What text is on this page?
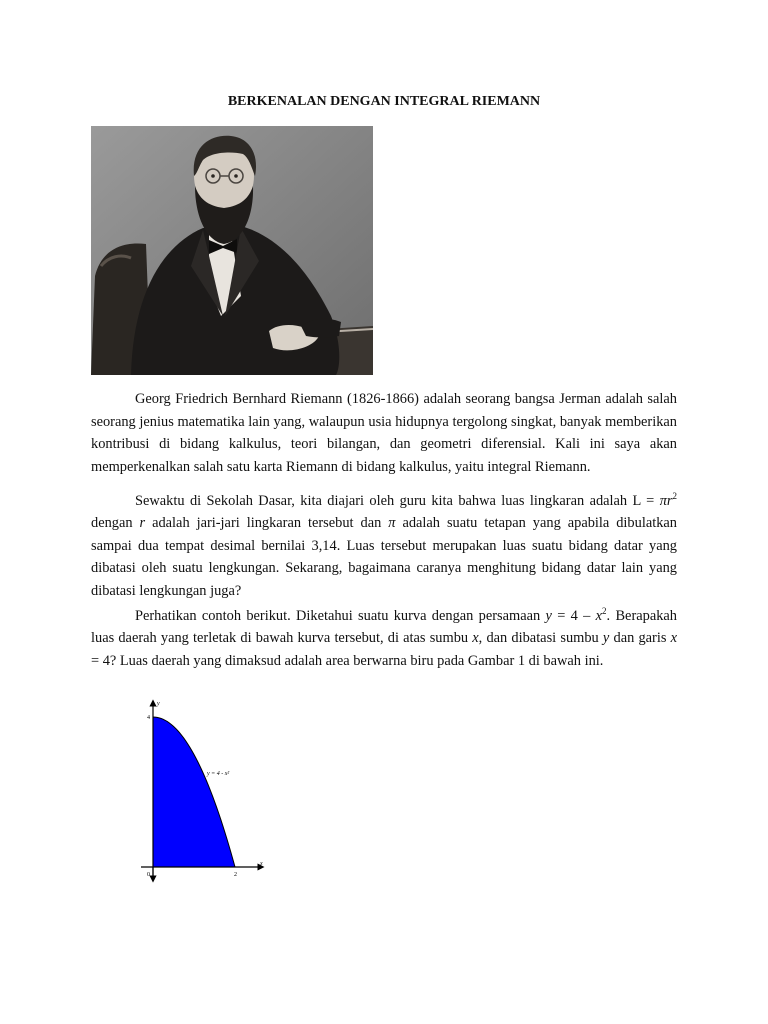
BERKENALAN DENGAN INTEGRAL RIEMANN
Georg Friedrich Bernhard Riemann (1826-1866) adalah seorang bangsa Jerman adalah salah seorang jenius matematika lain yang, walaupun usia hidupnya tergolong singkat, banyak memberikan kontribusi di bidang kalkulus, teori bilangan, dan geometri diferensial. Kali ini saya akan memperkenalkan salah satu karta Riemann di bidang kalkulus, yaitu integral Riemann.
Sewaktu di Sekolah Dasar, kita diajari oleh guru kita bahwa luas lingkaran adalah $L = \pi r^2$ dengan r adalah jari-jari lingkaran tersebut dan π adalah suatu tetapan yang apabila dibulatkan sampai dua tempat desimal bernilai 3,14. Luas tersebut merupakan luas suatu bidang datar yang dibatasi oleh suatu lengkungan. Sekarang, bagaimana caranya menghitung bidang datar lain yang dibatasi lengkungan juga?
Perhatikan contoh berikut. Diketahui suatu kurva dengan persamaan $y = 4 - x^2$. Berapakah luas daerah yang terletak di bawah kurva tersebut, di atas sumbu x, dan dibatasi sumbu y dan garis x = 4? Luas daerah yang dimaksud adalah area berwarna biru pada Gambar 1 di bawah ini.
y
x
4
2
0
y = 4 - x²
